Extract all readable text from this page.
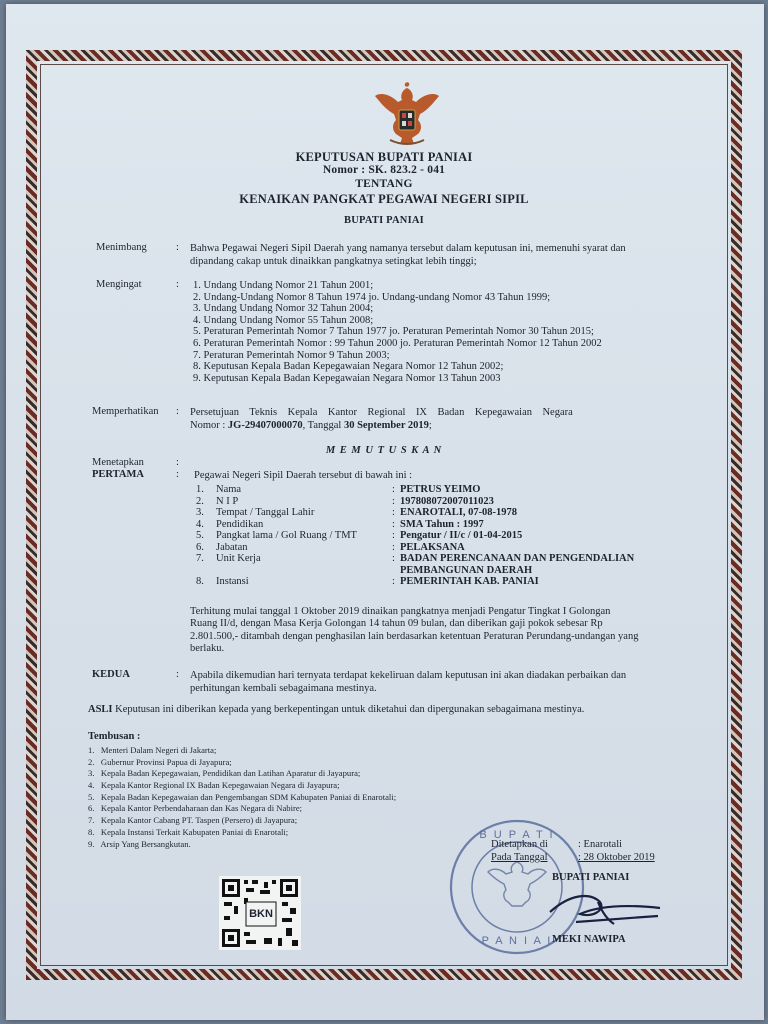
KEPUTUSAN BUPATI PANIAI
Nomor : SK. 823.2 - 041
TENTANG
KENAIKAN PANGKAT PEGAWAI NEGERI SIPIL
BUPATI PANIAI
Menimbang	: Bahwa Pegawai Negeri Sipil Daerah yang namanya tersebut dalam keputusan ini, memenuhi syarat dan
dipandang cakap untuk dinaikkan pangkatnya setingkat lebih tinggi;
Mengingat	: 1. Undang Undang Nomor 21 Tahun 2001;
2. Undang-Undang Nomor 8 Tahun 1974 jo. Undang-undang Nomor 43 Tahun 1999;
3. Undang Undang Nomor 32 Tahun 2004;
4. Undang Undang Nomor 55 Tahun 2008;
5. Peraturan Pemerintah Nomor 7 Tahun 1977 jo. Peraturan Pemerintah Nomor 30 Tahun 2015;
6. Peraturan Pemerintah Nomor : 99 Tahun 2000 jo. Peraturan Pemerintah Nomor 12 Tahun 2002
7. Peraturan Pemerintah Nomor 9 Tahun 2003;
8. Keputusan Kepala Badan Kepegawaian Negara Nomor 12 Tahun 2002;
9. Keputusan Kepala Badan Kepegawaian Negara Nomor 13 Tahun 2003
Memperhatikan : Persetujuan    Teknis    Kepala    Kantor    Regional    IX    Badan    Kepegawaian    Negara
Nomor : JG-29407000070, Tanggal 30 September 2019;
M E M U T U S K A N
Menetapkan	:
PERTAMA	: Pegawai Negeri Sipil Daerah tersebut di bawah ini :
1. Nama	: PETRUS YEIMO
2. N I P	: 197808072007011023
3. Tempat / Tanggal Lahir	: ENAROTALI, 07-08-1978
4. Pendidikan	: SMA Tahun : 1997
5. Pangkat lama / Gol Ruang / TMT	: Pengatur / II/c / 01-04-2015
6. Jabatan	: PELAKSANA
7. Unit Kerja	: BADAN PERENCANAAN DAN PENGENDALIAN
PEMBANGUNAN DAERAH
8. Instansi	: PEMERINTAH KAB. PANIAI
Terhitung mulai tanggal 1 Oktober 2019 dinaikan pangkatnya menjadi Pengatur Tingkat I Golongan
Ruang II/d, dengan Masa Kerja Golongan 14 tahun 09 bulan, dan diberikan gaji pokok sebesar Rp
2.801.500,- ditambah dengan penghasilan lain berdasarkan ketentuan Peraturan Perundang-undangan yang
berlaku.
KEDUA	: Apabila dikemudian hari ternyata terdapat kekeliruan dalam keputusan ini akan diadakan perbaikan dan
perhitungan kembali sebagaimana mestinya.
ASLI Keputusan ini diberikan kepada yang berkepentingan untuk diketahui dan dipergunakan sebagaimana mestinya.
Tembusan :
1.   Menteri Dalam Negeri di Jakarta;
2.   Gubernur Provinsi Papua di Jayapura;
3.   Kepala Badan Kepegawaian, Pendidikan dan Latihan Aparatur di Jayapura;
4.   Kepala Kantor Regional IX Badan Kepegawaian Negara di Jayapura;
5.   Kepala Badan Kepegawaian dan Pengembangan SDM Kabupaten Paniai di Enarotali;
6.   Kepala Kantor Perbendaharaan dan Kas Negara di Nabire;
7.   Kepala Kantor Cabang PT. Taspen (Persero) di Jayapura;
8.   Kepala Instansi Terkait Kabupaten Paniai di Enarotali;
9.   Arsip Yang Bersangkutan.
BKN
B U P A T I
P A N I A I
Ditetapkan di	: Enarotali
Pada Tanggal	: 28 Oktober 2019
BUPATI PANIAI
MEKI NAWIPA
